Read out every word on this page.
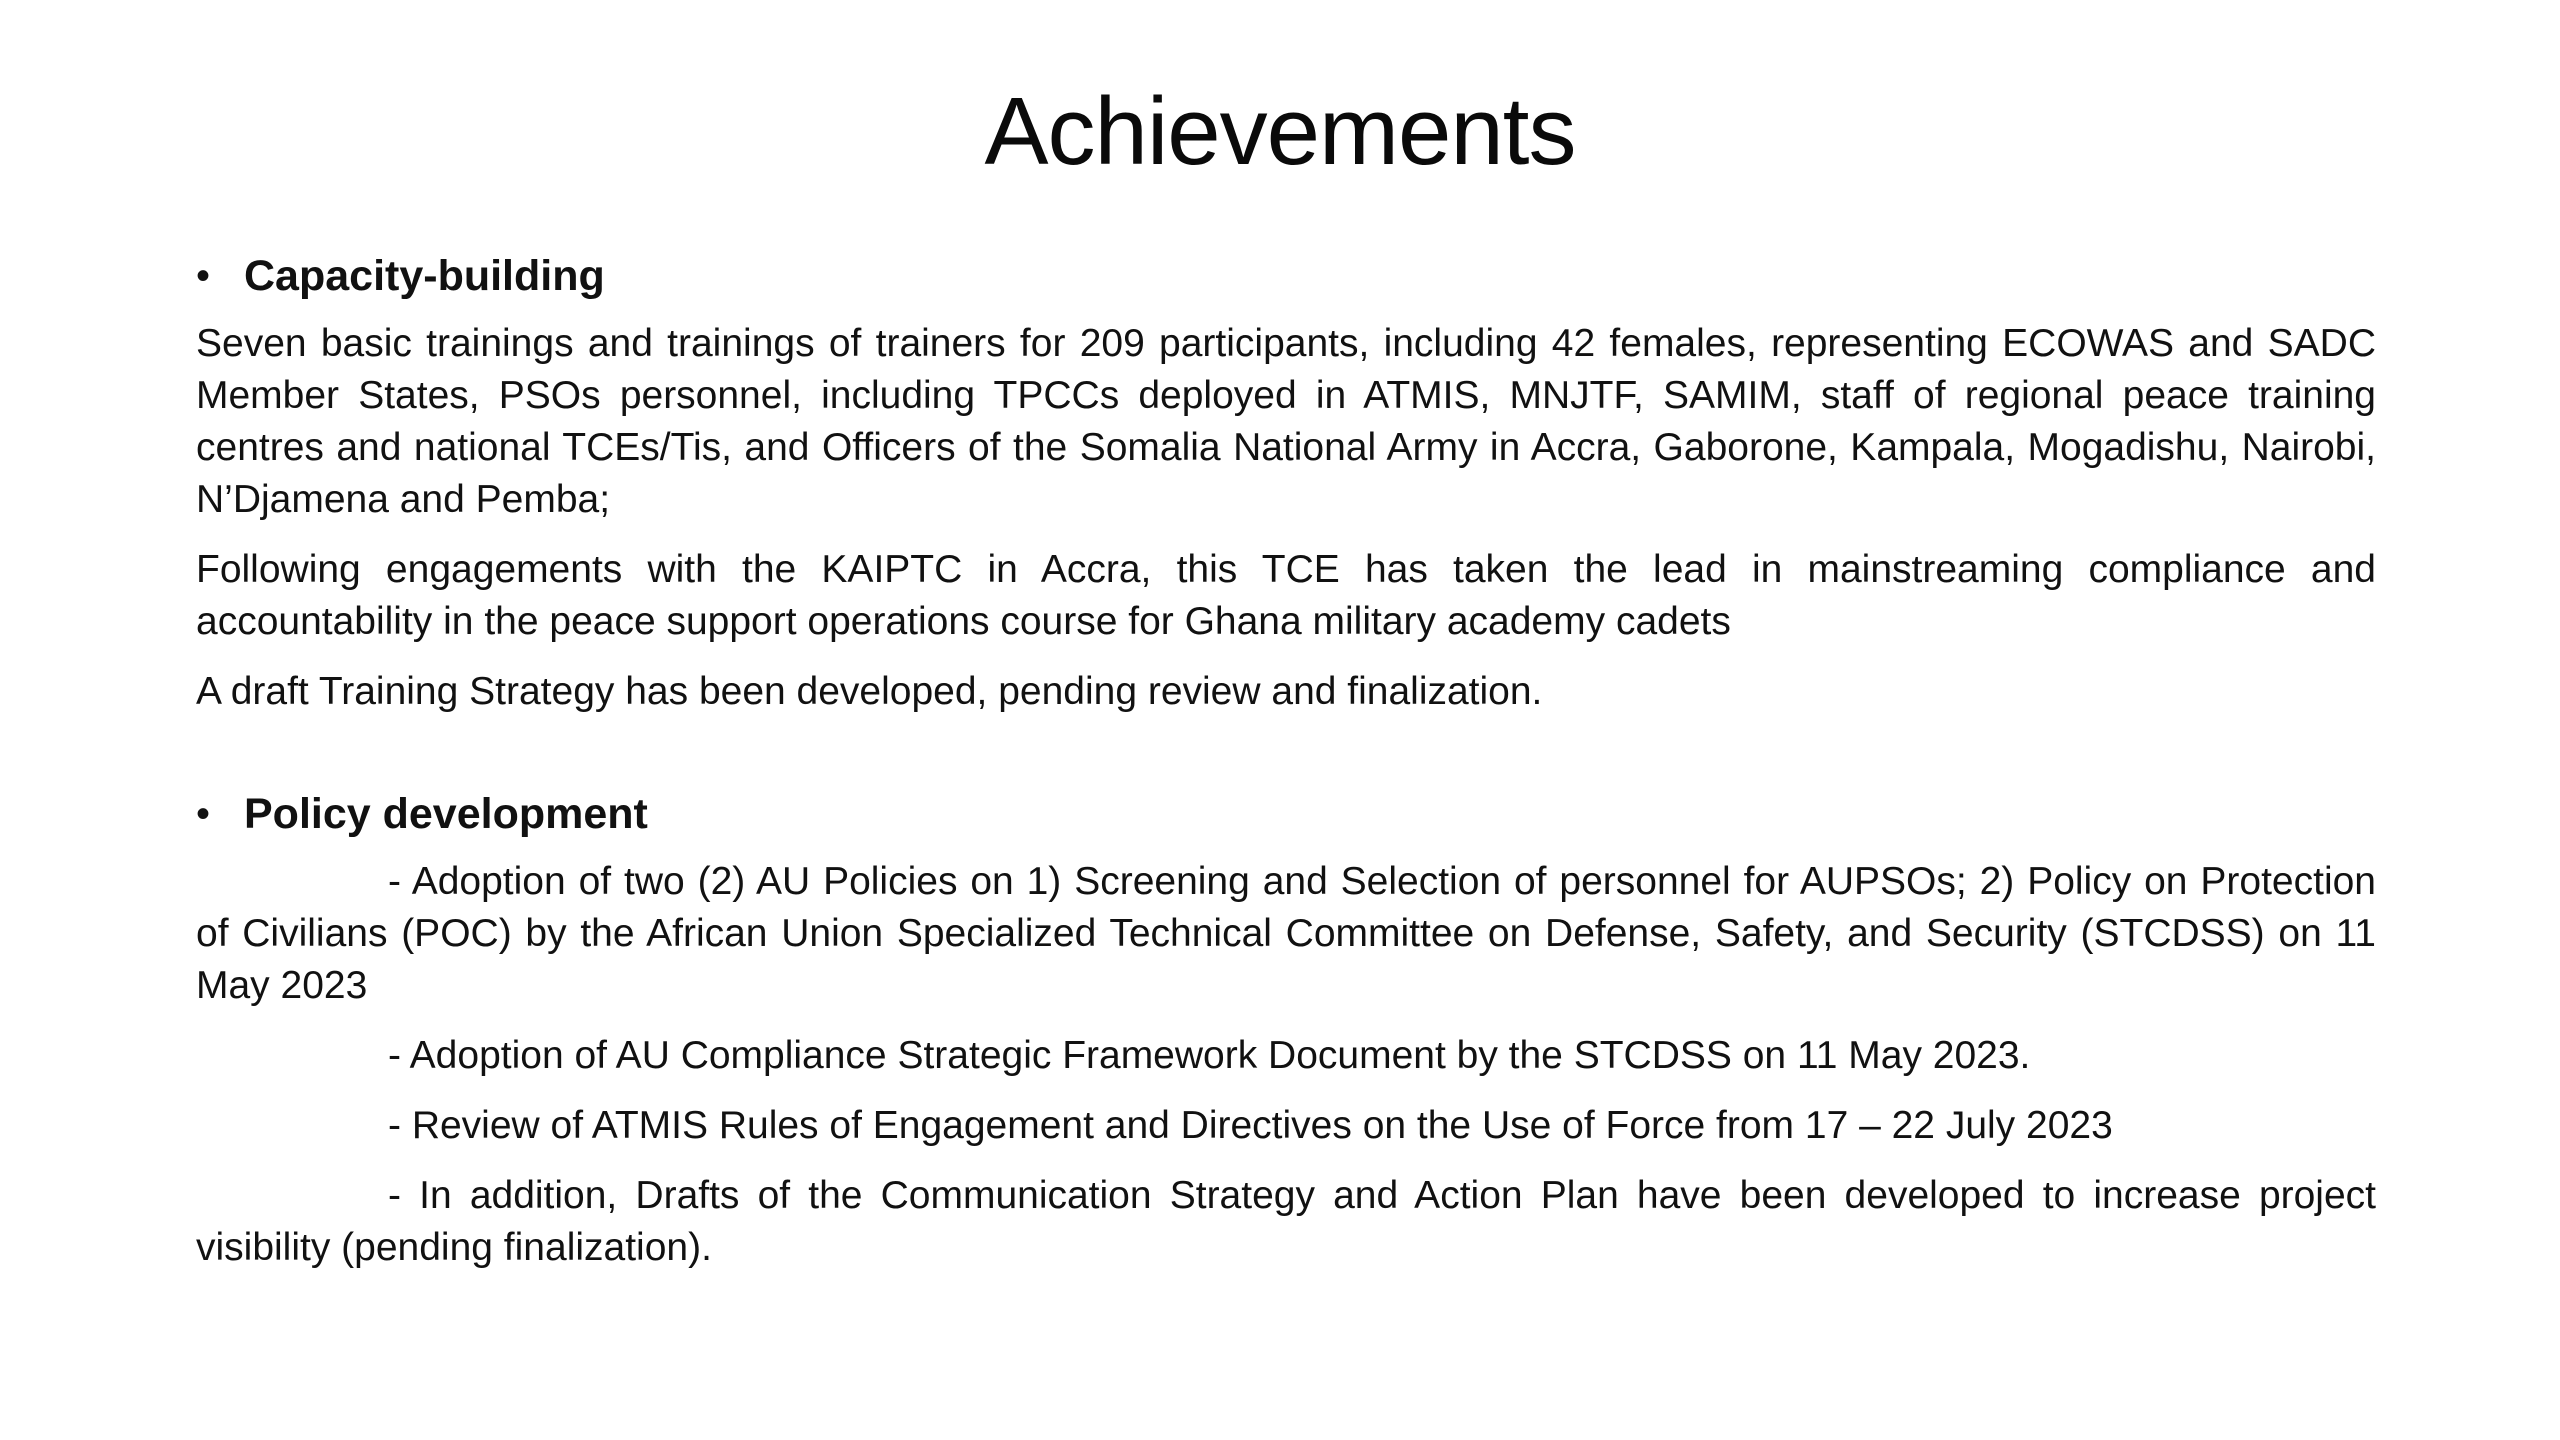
Achievements
• Capacity-building

Seven basic trainings and trainings of trainers for 209 participants, including 42 females, representing ECOWAS and SADC Member States, PSOs personnel, including TPCCs deployed in ATMIS, MNJTF, SAMIM, staff of regional peace training centres and national TCEs/Tis, and Officers of the Somalia National Army in Accra, Gaborone, Kampala, Mogadishu, Nairobi, N’Djamena and Pemba;

Following engagements with the KAIPTC in Accra, this TCE has taken the lead in mainstreaming compliance and accountability in the peace support operations course for Ghana military academy cadets

A draft Training Strategy has been developed, pending review and finalization.

• Policy development

- Adoption of two (2) AU Policies on 1) Screening and Selection of personnel for AUPSOs; 2) Policy on Protection of Civilians (POC) by the African Union Specialized Technical Committee on Defense, Safety, and Security (STCDSS) on 11 May 2023

- Adoption of AU Compliance Strategic Framework Document by the STCDSS on 11 May 2023.

- Review of ATMIS Rules of Engagement and Directives on the Use of Force from 17 – 22 July 2023

- In addition, Drafts of the Communication Strategy and Action Plan have been developed to increase project visibility (pending finalization).
